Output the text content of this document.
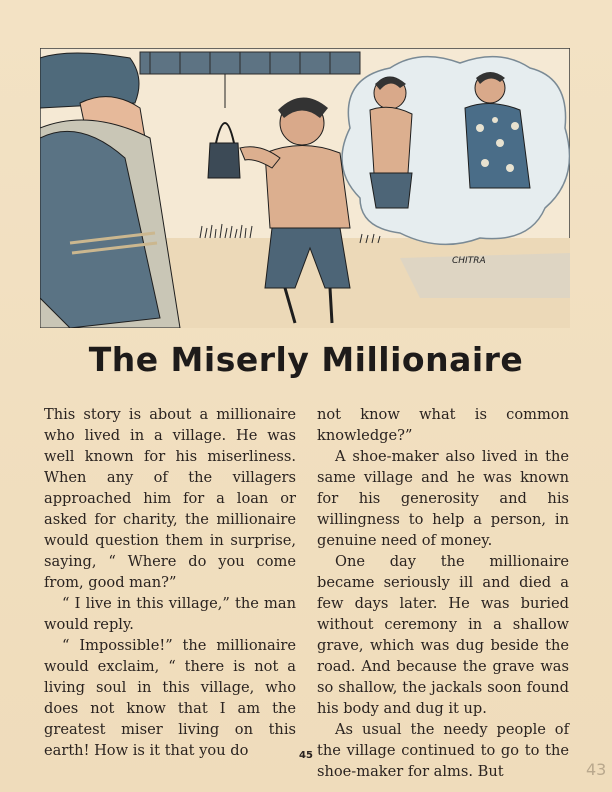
CHITRA
The Miserly Millionaire

This story is about a millionaire who lived in a village. He was well known for his miserliness. When any of the villagers approached him for a loan or asked for charity, the millionaire would question them in surprise, saying, “ Where do you come from, good man?”

“ I live in this village,” the man would reply.

“ Impossible!” the millionaire would exclaim, “ there is not a living soul in this village, who does not know that I am the greatest miser living on this earth! How is it that you do

not know what is common knowledge?”

A shoe-maker also lived in the same village and he was known for his generosity and his willingness to help a person, in genuine need of money.

One day the millionaire became seriously ill and died a few days later. He was buried without ceremony in a shallow grave, which was dug beside the road. And because the grave was so shallow, the jackals soon found his body and dug it up.

As usual the needy people of the village continued to go to the shoe-maker for alms. But

45
43
